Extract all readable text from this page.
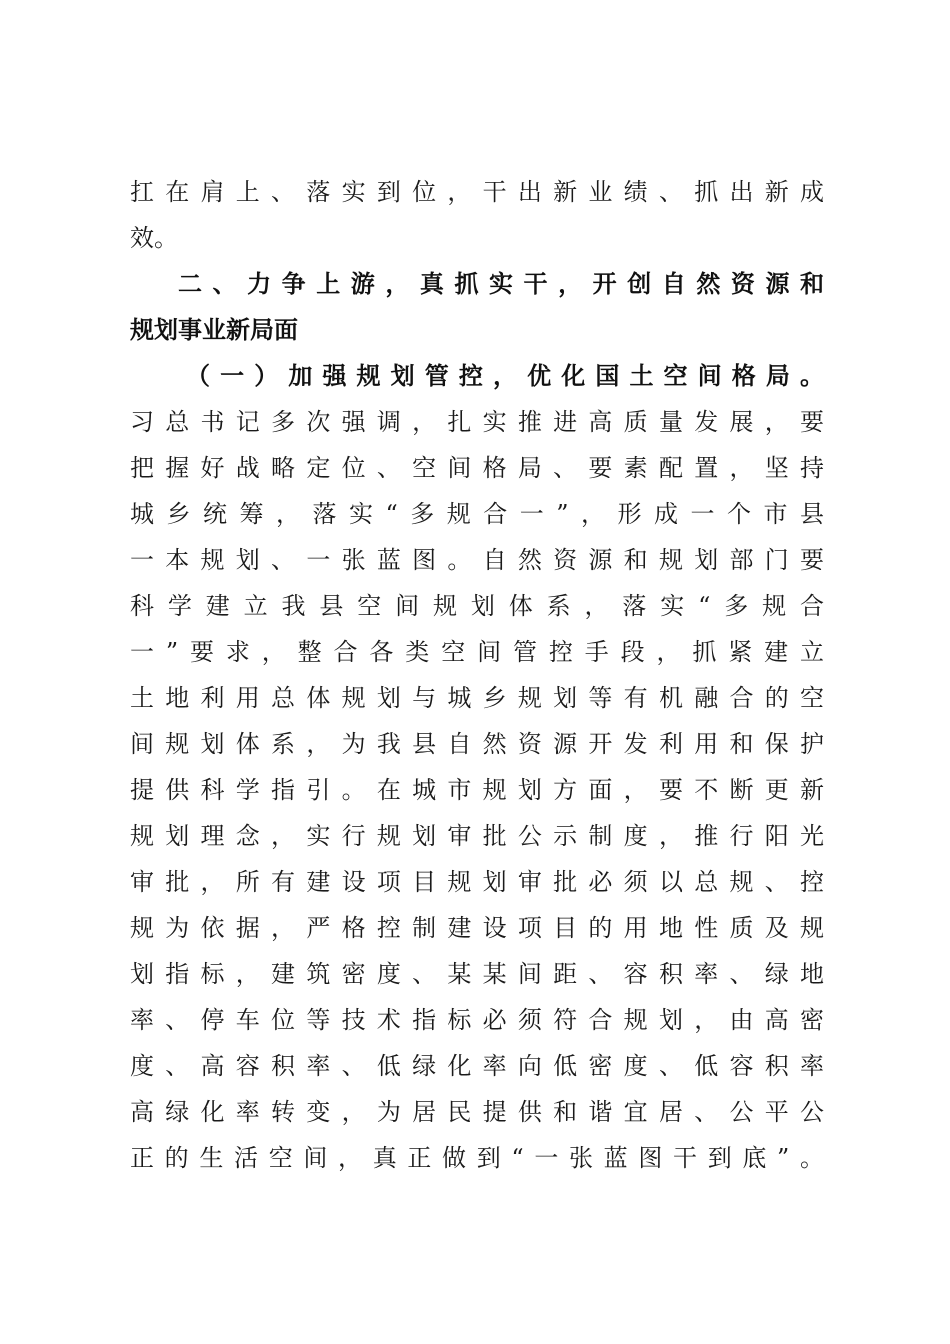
扛在肩上、落实到位，干出新业绩、抓出新成

效。

二、力争上游，真抓实干，开创自然资源和

规划事业新局面

（一）加强规划管控，优化国土空间格局。

习总书记多次强调，扎实推进高质量发展，要

把握好战略定位、空间格局、要素配置，坚持

城乡统筹，落实“多规合一”，形成一个市县

一本规划、一张蓝图。自然资源和规划部门要

科学建立我县空间规划体系，落实“多规合

一”要求，整合各类空间管控手段，抓紧建立

土地利用总体规划与城乡规划等有机融合的空

间规划体系，为我县自然资源开发利用和保护

提供科学指引。在城市规划方面，要不断更新

规划理念，实行规划审批公示制度，推行阳光

审批，所有建设项目规划审批必须以总规、控

规为依据，严格控制建设项目的用地性质及规

划指标，建筑密度、某某间距、容积率、绿地

率、停车位等技术指标必须符合规划，由高密

度、高容积率、低绿化率向低密度、低容积率

高绿化率转变，为居民提供和谐宜居、公平公

正的生活空间，真正做到“一张蓝图干到底”。
